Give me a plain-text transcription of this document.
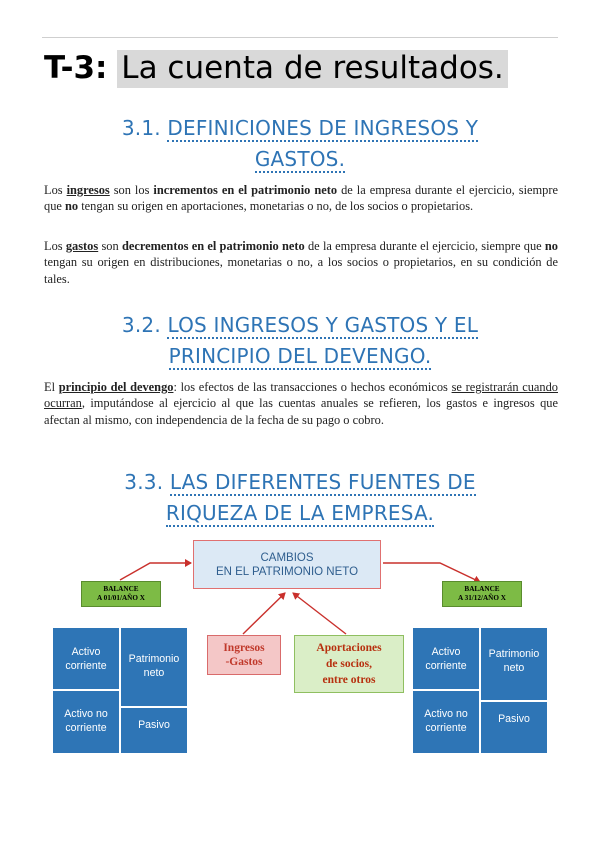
T-3: La cuenta de resultados.
3.1. DEFINICIONES DE INGRESOS Y
GASTOS.

Los ingresos son los incrementos en el patrimonio neto de la empresa durante el ejercicio, siempre que no tengan su origen en aportaciones, monetarias o no, de los socios o propietarios.

Los gastos son decrementos en el patrimonio neto de la empresa durante el ejercicio, siempre que no tengan su origen en distribuciones, monetarias o no, a los socios o propietarios, en su condición de tales.

3.2. LOS INGRESOS Y GASTOS Y EL
PRINCIPIO DEL DEVENGO.

El principio del devengo: los efectos de las transacciones o hechos económicos se registrarán cuando ocurran, imputándose al ejercicio al que las cuentas anuales se refieren, los gastos e ingresos que afectan al mismo, con independencia de la fecha de su pago o cobro.

3.3. LAS DIFERENTES FUENTES DE
RIQUEZA DE LA EMPRESA.
CAMBIOS
EN EL PATRIMONIO NETO
BALANCE
A 01/01/AÑO X
BALANCE
A 31/12/AÑO X
Activo
corriente
Activo no
corriente
Patrimonio
neto
Pasivo
Activo
corriente
Activo no
corriente
Patrimonio
neto
Pasivo
Ingresos
-Gastos
Aportaciones
de socios,
entre otros
